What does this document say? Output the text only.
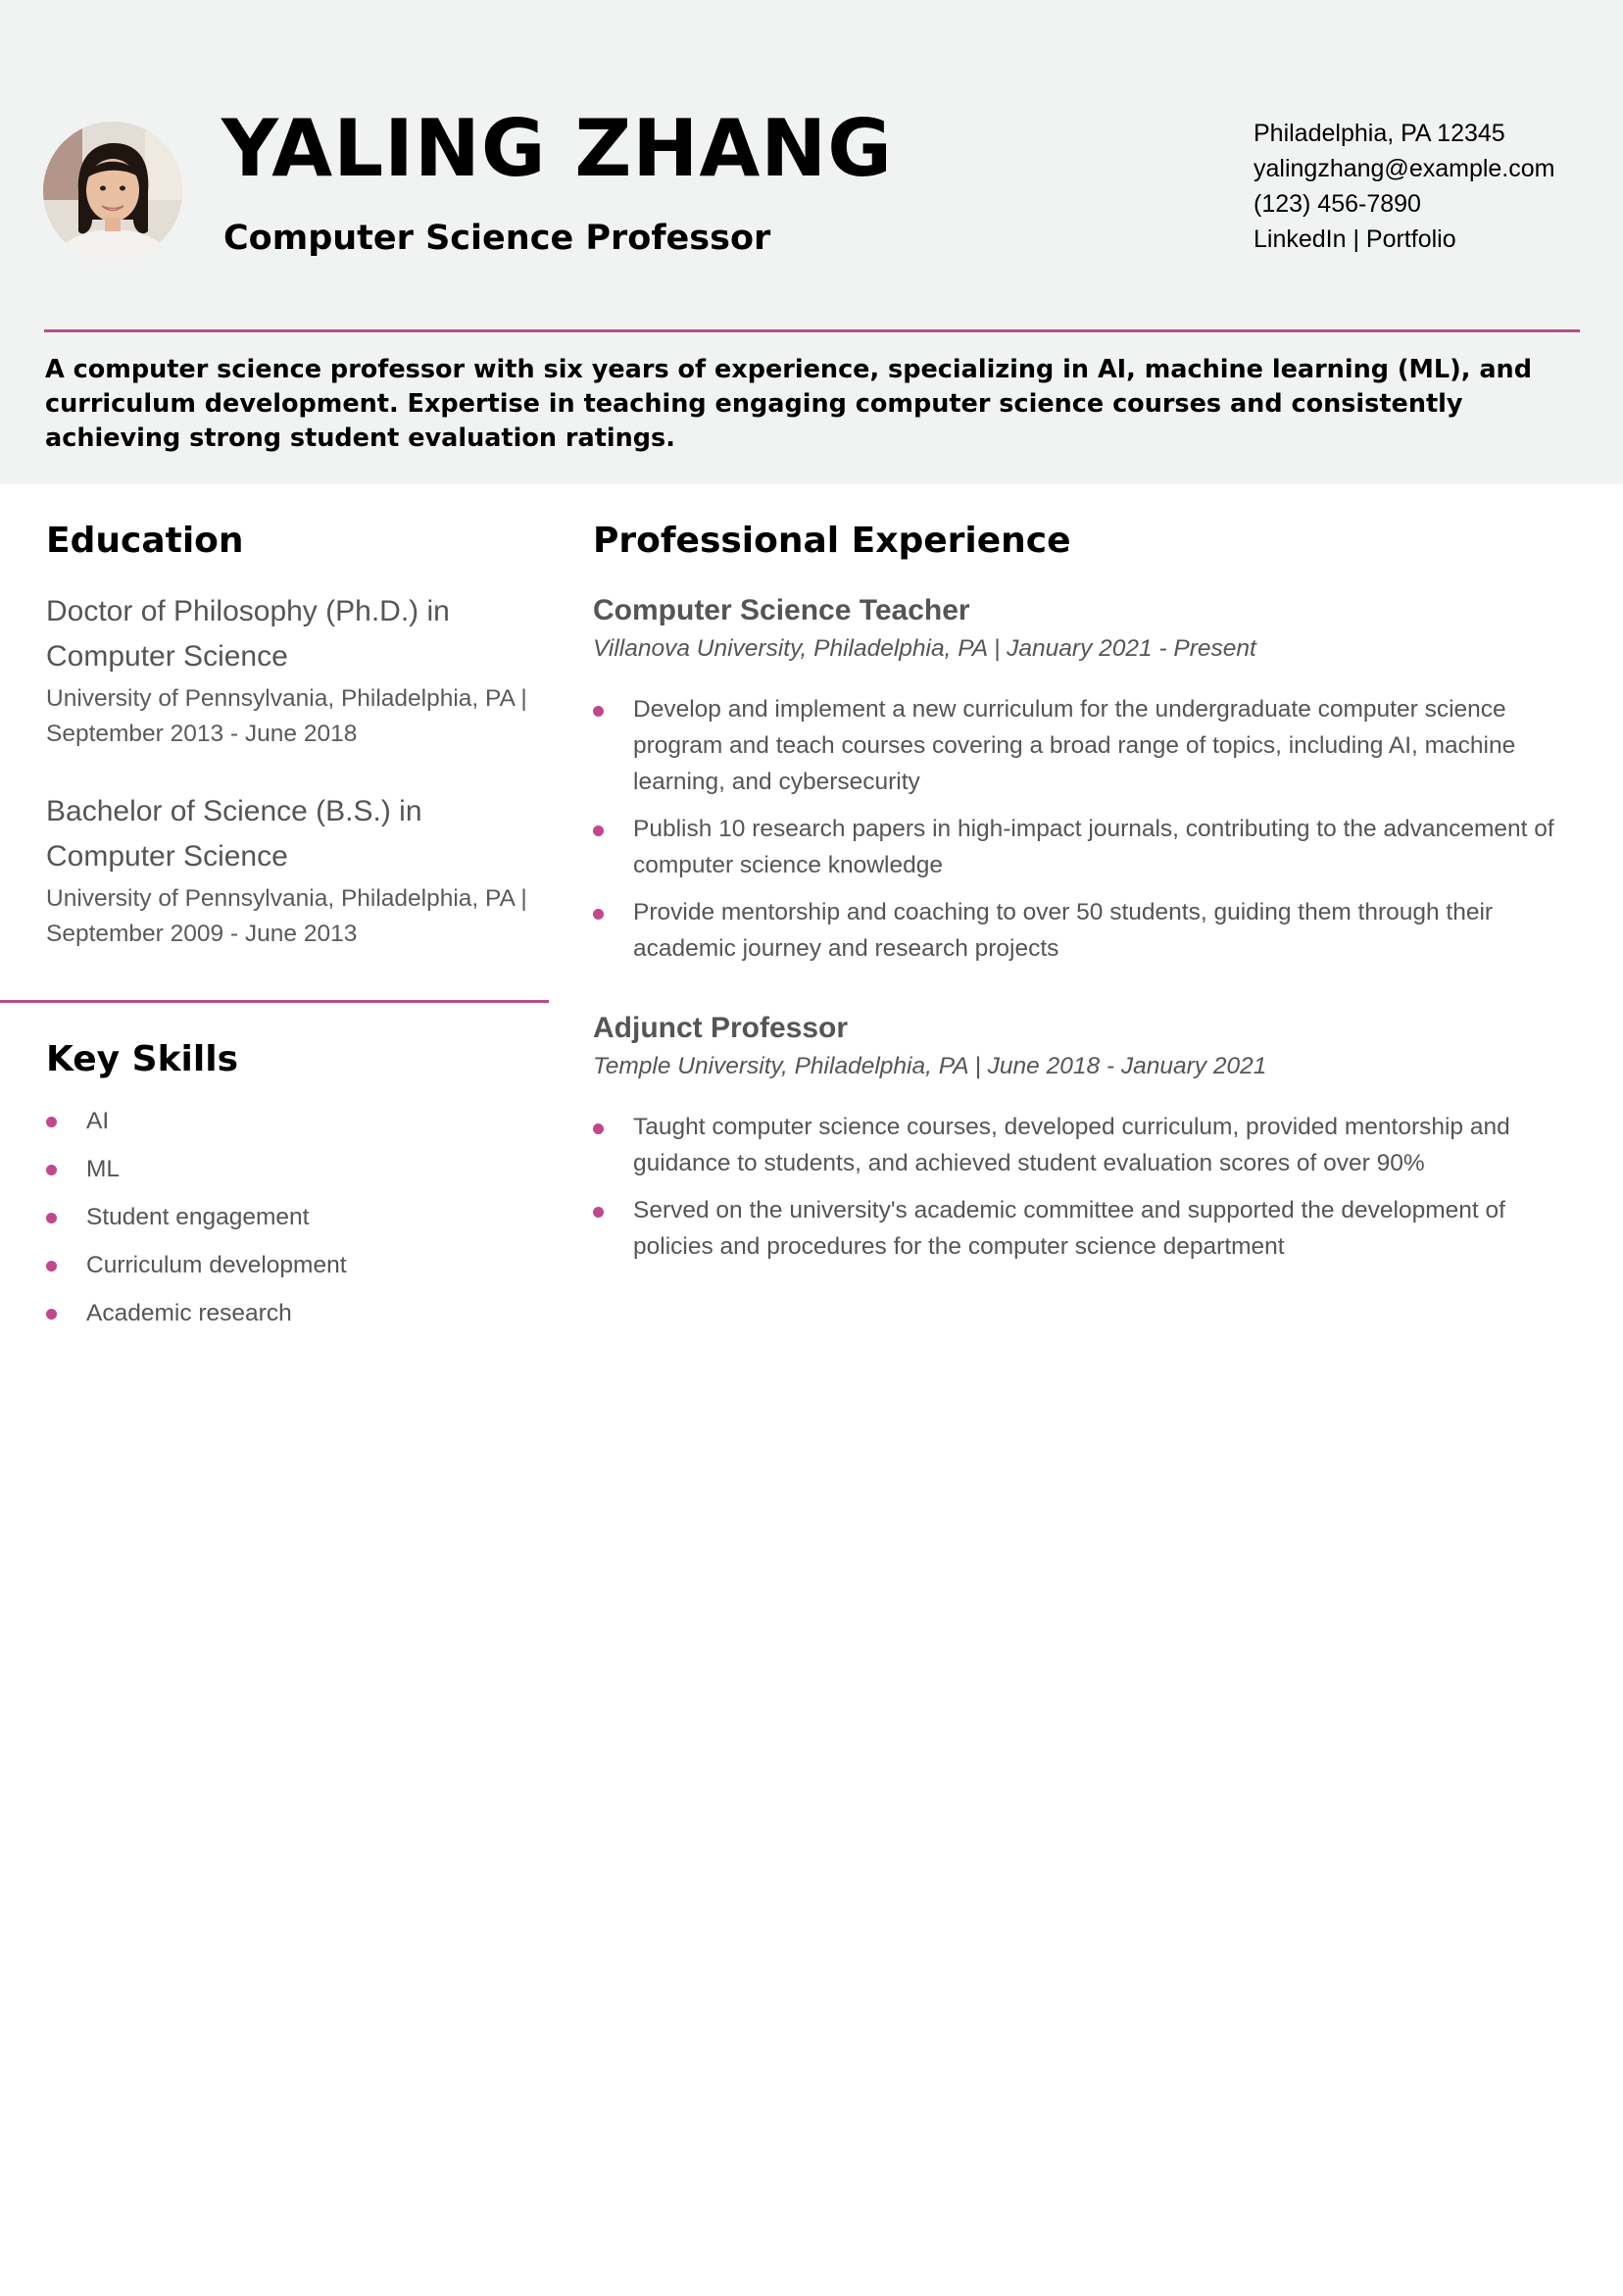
YALING ZHANG
Computer Science Professor
Philadelphia, PA 12345
yalingzhang@example.com
(123) 456-7890
LinkedIn | Portfolio
A computer science professor with six years of experience, specializing in AI, machine learning (ML), and curriculum development. Expertise in teaching engaging computer science courses and consistently achieving strong student evaluation ratings.
Education
Doctor of Philosophy (Ph.D.) in Computer Science
University of Pennsylvania, Philadelphia, PA | September 2013 - June 2018
Bachelor of Science (B.S.) in Computer Science
University of Pennsylvania, Philadelphia, PA | September 2009 - June 2013
Key Skills
AI
ML
Student engagement
Curriculum development
Academic research
Professional Experience
Computer Science Teacher
Villanova University, Philadelphia, PA | January 2021 - Present
Develop and implement a new curriculum for the undergraduate computer science program and teach courses covering a broad range of topics, including AI, machine learning, and cybersecurity
Publish 10 research papers in high-impact journals, contributing to the advancement of computer science knowledge
Provide mentorship and coaching to over 50 students, guiding them through their academic journey and research projects
Adjunct Professor
Temple University, Philadelphia, PA | June 2018 - January 2021
Taught computer science courses, developed curriculum, provided mentorship and guidance to students, and achieved student evaluation scores of over 90%
Served on the university's academic committee and supported the development of policies and procedures for the computer science department
